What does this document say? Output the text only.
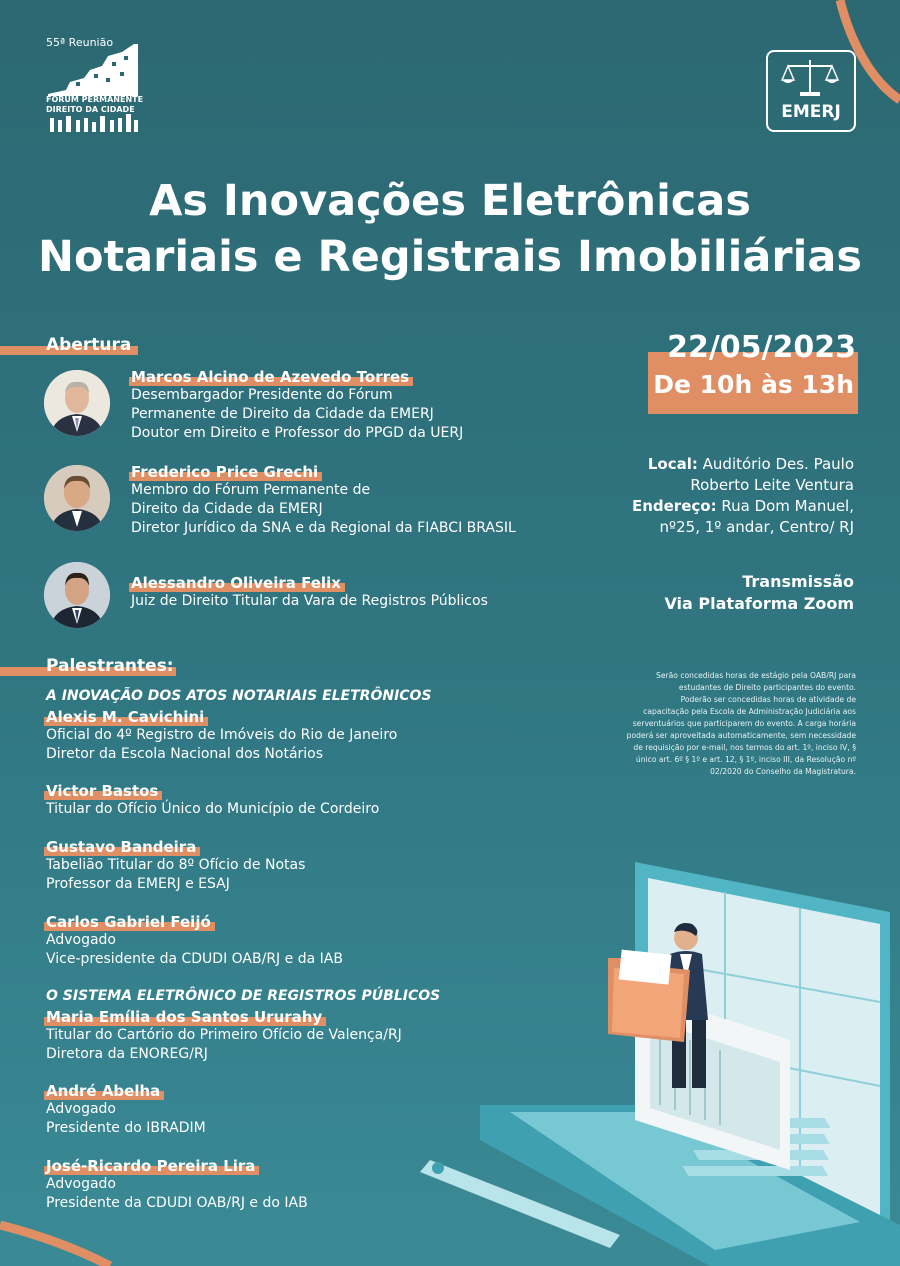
55ª Reunião
FÓRUM PERMANENTE
DIREITO DA CIDADE	EMERJ
As Inovações Eletrônicas
Notariais e Registrais Imobiliárias
Abertura
Marcos Alcino de Azevedo Torres
Desembargador Presidente do Fórum
Permanente de Direito da Cidade da EMERJ
Doutor em Direito e Professor do PPGD da UERJ
Frederico Price Grechi
Membro do Fórum Permanente de
Direito da Cidade da EMERJ
Diretor Jurídico da SNA e da Regional da FIABCI BRASIL
Alessandro Oliveira Felix
Juiz de Direito Titular da Vara de Registros Públicos
22/05/2023
De 10h às 13h
Local: Auditório Des. Paulo
Roberto Leite Ventura
Endereço: Rua Dom Manuel,
nº25, 1º andar, Centro/ RJ
Transmissão
Via Plataforma Zoom
Serão concedidas horas de estágio pela OAB/RJ para
estudantes de Direito participantes do evento.
Poderão ser concedidas horas de atividade de
capacitação pela Escola de Administração Judiciária aos
serventuários que participarem do evento. A carga horária
poderá ser aproveitada automaticamente, sem necessidade
de requisição por e-mail, nos termos do art. 1º, inciso IV, §
único art. 6º § 1º e art. 12, § 1º, inciso III, da Resolução nº
02/2020 do Conselho da Magistratura.
Palestrantes:
A INOVAÇÃO DOS ATOS NOTARIAIS ELETRÔNICOS
Alexis M. Cavichini
Oficial do 4º Registro de Imóveis do Rio de Janeiro
Diretor da Escola Nacional dos Notários
Victor Bastos
Titular do Ofício Único do Município de Cordeiro
Gustavo Bandeira
Tabelião Titular do 8º Ofício de Notas
Professor da EMERJ e ESAJ
Carlos Gabriel Feijó
Advogado
Vice-presidente da CDUDI OAB/RJ e da IAB
O SISTEMA ELETRÔNICO DE REGISTROS PÚBLICOS
Maria Emília dos Santos Ururahy
Titular do Cartório do Primeiro Ofício de Valença/RJ
Diretora da ENOREG/RJ
André Abelha
Advogado
Presidente do IBRADIM
José-Ricardo Pereira Lira
Advogado
Presidente da CDUDI OAB/RJ e do IAB
